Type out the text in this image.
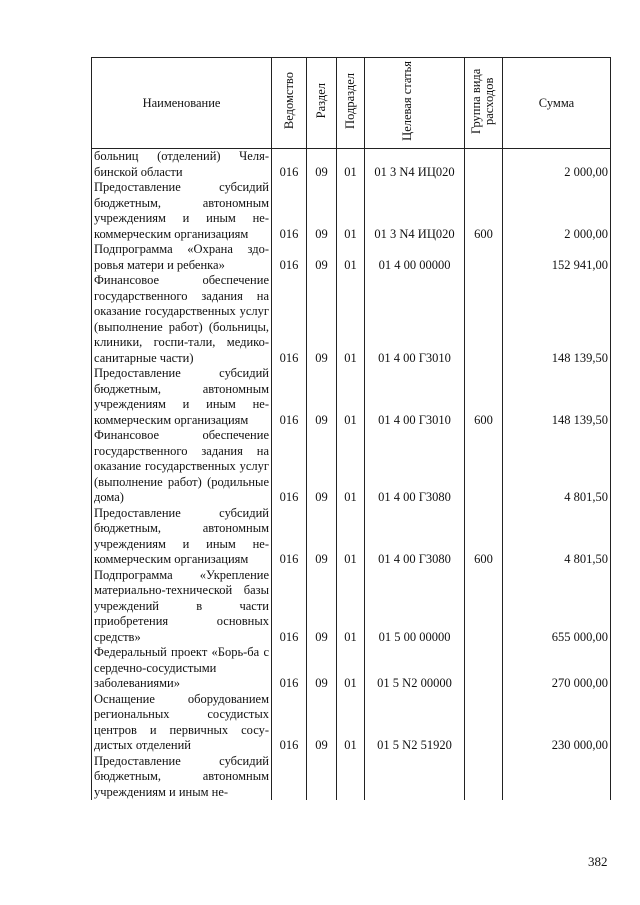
Наименование	Ведомство	Раздел	Подраздел	Целевая статья	Группа вида расходов	Сумма
больниц (отделений) Челя-бинской области	016	09	01	01 3 N4 ИЦ020		2 000,00
Предоставление субсидий бюджетным, автономным учреждениям и иным не-коммерческим организациям	016	09	01	01 3 N4 ИЦ020	600	2 000,00
Подпрограмма «Охрана здо-ровья матери и ребенка»	016	09	01	01 4 00 00000		152 941,00
Финансовое обеспечение государственного задания на оказание государственных услуг (выполнение работ) (больницы, клиники, госпи-тали, медико-санитарные части)	016	09	01	01 4 00 Г3010		148 139,50
Предоставление субсидий бюджетным, автономным учреждениям и иным не-коммерческим организациям	016	09	01	01 4 00 Г3010	600	148 139,50
Финансовое обеспечение государственного задания на оказание государственных услуг (выполнение работ) (родильные дома)	016	09	01	01 4 00 Г3080		4 801,50
Предоставление субсидий бюджетным, автономным учреждениям и иным не-коммерческим организациям	016	09	01	01 4 00 Г3080	600	4 801,50
Подпрограмма «Укрепление материально-технической базы учреждений в части приобретения основных средств»	016	09	01	01 5 00 00000		655 000,00
Федеральный проект «Борь-ба с сердечно-сосудистыми заболеваниями»	016	09	01	01 5 N2 00000		270 000,00
Оснащение оборудованием региональных сосудистых центров и первичных сосу-дистых отделений	016	09	01	01 5 N2 51920		230 000,00
Предоставление субсидий бюджетным, автономным учреждениям и иным не-						
382
